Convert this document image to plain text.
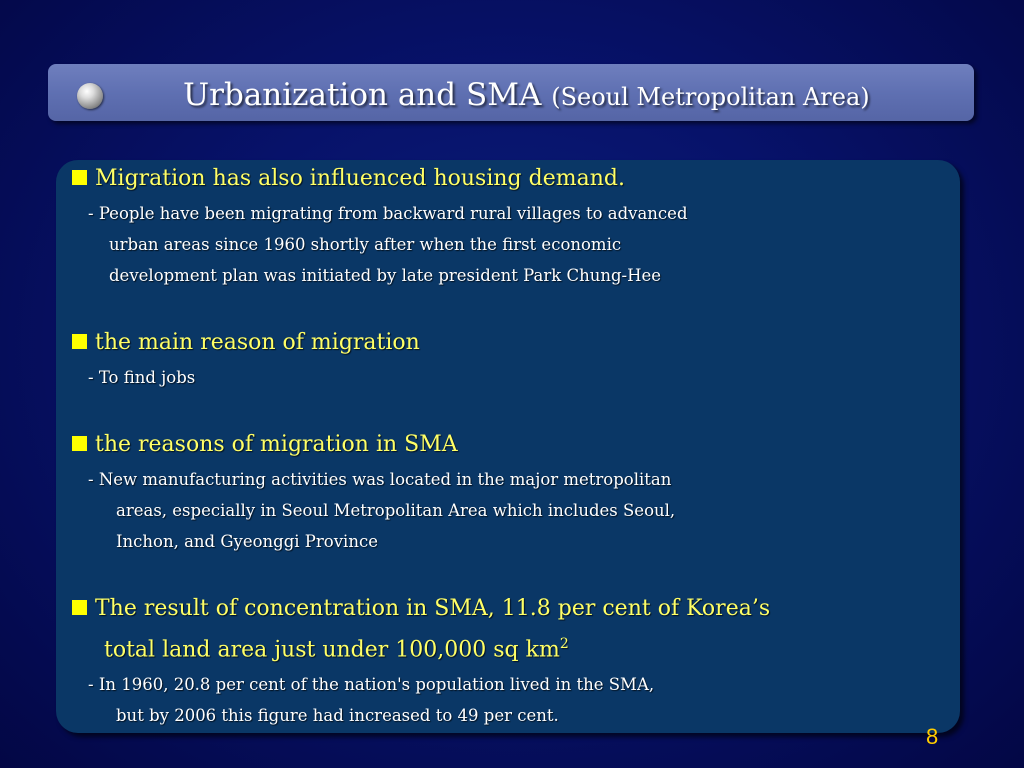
Urbanization and SMA (Seoul Metropolitan Area)
Migration has also influenced housing demand.
- People have been migrating from backward rural villages to advanced
urban areas since 1960 shortly after when the first economic
development plan was initiated by late president Park Chung-Hee
the main reason of migration
- To find jobs
the reasons of migration in SMA
- New manufacturing activities was located in the major metropolitan
areas, especially in Seoul Metropolitan Area which includes Seoul,
Inchon, and Gyeonggi Province
The result of concentration in SMA, 11.8 per cent of Korea’s
total land area just under 100,000 sq $km^2$
- In 1960, 20.8 per cent of the nation's population lived in the SMA,
but by 2006 this figure had increased to 49 per cent.
8
